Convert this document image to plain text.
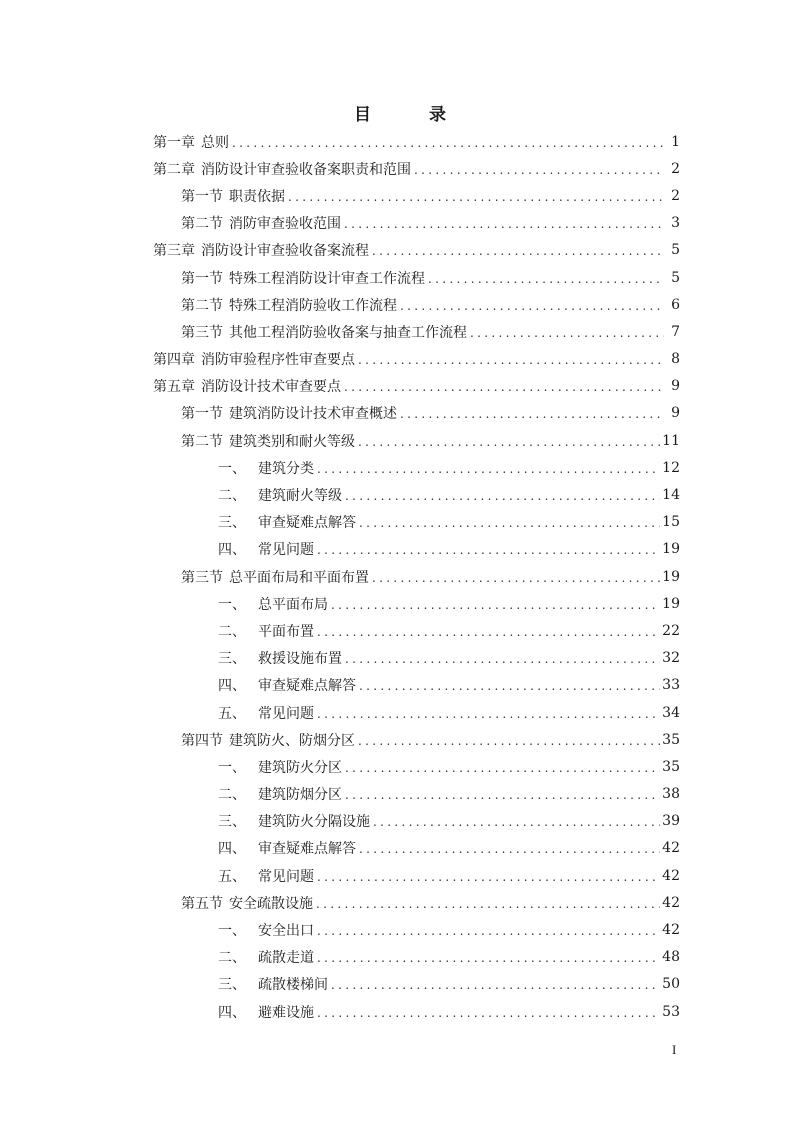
目 录
第一章 总则 . . .	1
第二章 消防设计审查验收备案职责和范围 . . .	2
第一节 职责依据 . . .	2
第二节 消防审查验收范围 . . .	3
第三章 消防设计审查验收备案流程 . . .	5
第一节 特殊工程消防设计审查工作流程 . . .	5
第二节 特殊工程消防验收工作流程 . . .	6
第三节 其他工程消防验收备案与抽查工作流程 . . .	7
第四章 消防审验程序性审查要点 . . .	8
第五章 消防设计技术审查要点 . . .	9
第一节 建筑消防设计技术审查概述 . . .	9
第二节 建筑类别和耐火等级 . . .	11
一、 建筑分类 . . .	12
二、 建筑耐火等级 . . .	14
三、 审查疑难点解答 . . .	15
四、 常见问题 . . .	19
第三节 总平面布局和平面布置 . . .	19
一、 总平面布局 . . .	19
二、 平面布置 . . .	22
三、 救援设施布置 . . .	32
四、 审查疑难点解答 . . .	33
五、 常见问题 . . .	34
第四节 建筑防火、防烟分区 . . .	35
一、 建筑防火分区 . . .	35
二、 建筑防烟分区 . . .	38
三、 建筑防火分隔设施 . . .	39
四、 审查疑难点解答 . . .	42
五、 常见问题 . . .	42
第五节 安全疏散设施 . . .	42
一、 安全出口 . . .	42
二、 疏散走道 . . .	48
三、 疏散楼梯间 . . .	50
四、 避难设施 . . .	53
I
